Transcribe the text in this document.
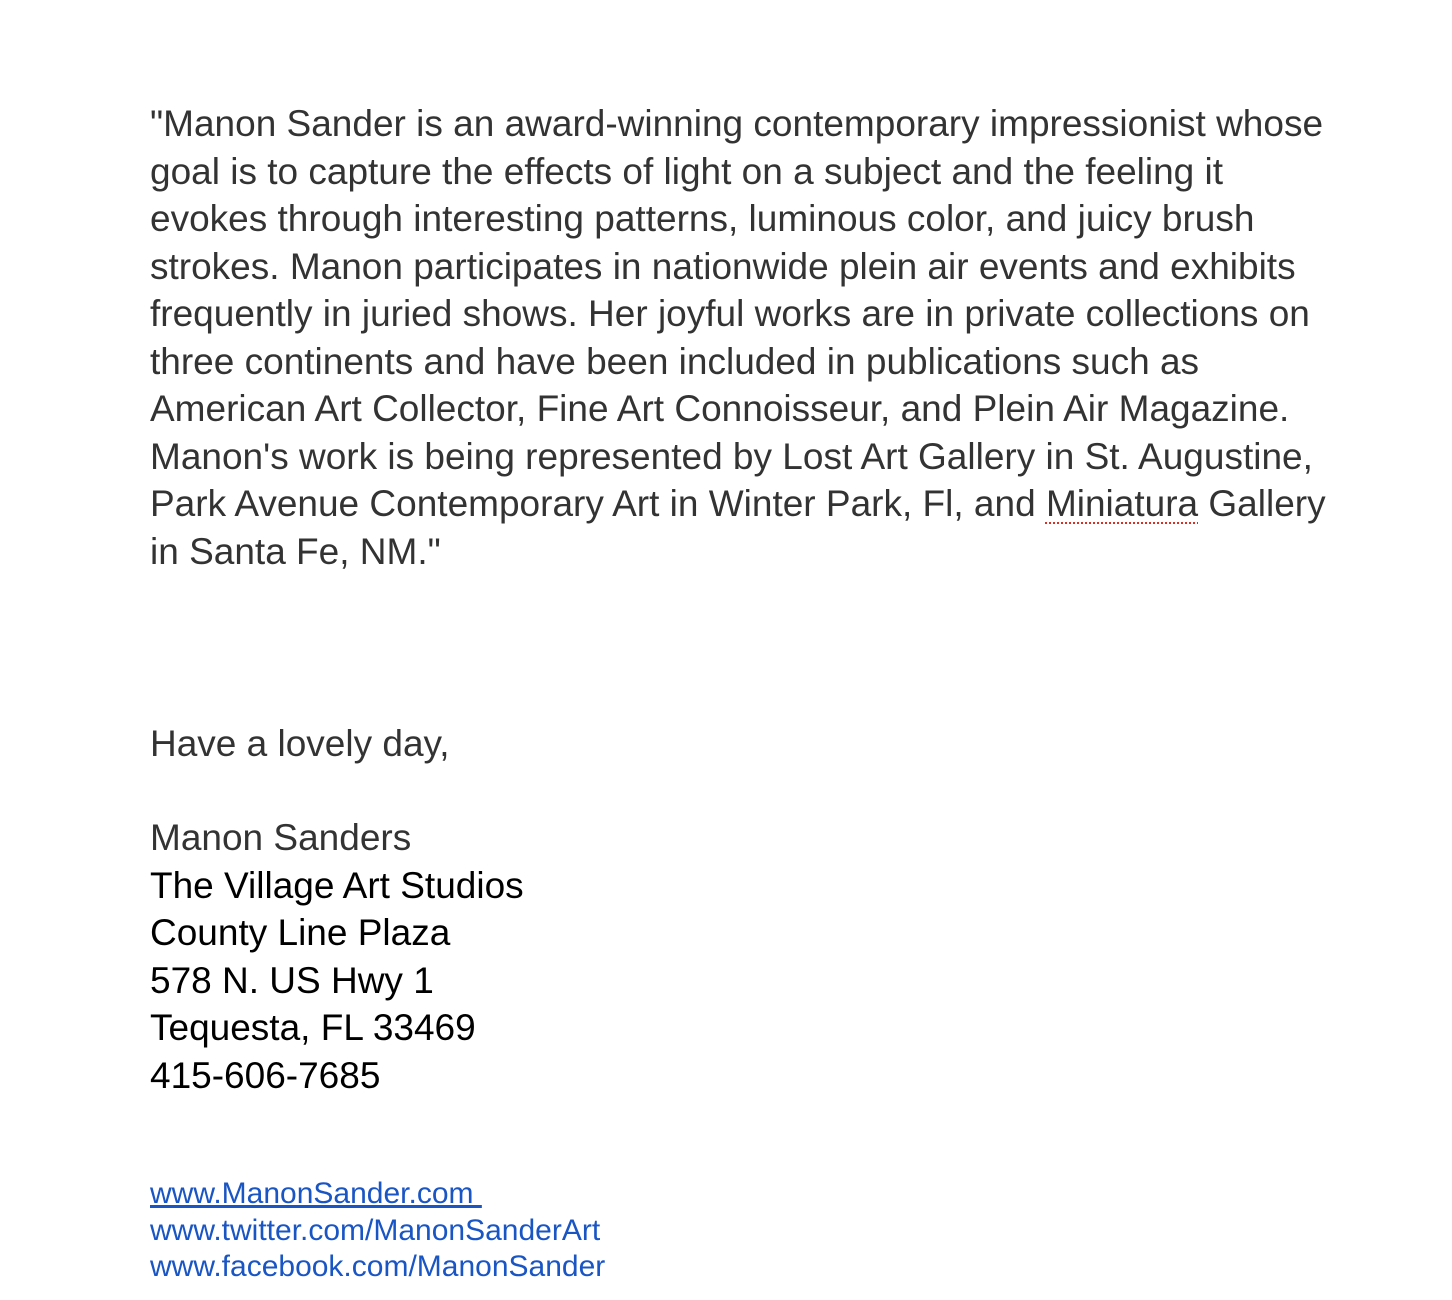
"Manon Sander is an award-winning contemporary impressionist whose goal is to capture the effects of light on a subject and the feeling it evokes through interesting patterns, luminous color, and juicy brush strokes. Manon participates in nationwide plein air events and exhibits frequently in juried shows. Her joyful works are in private collections on three continents and have been included in publications such as American Art Collector, Fine Art Connoisseur, and Plein Air Magazine. Manon's work is being represented by Lost Art Gallery in St. Augustine, Park Avenue Contemporary Art in Winter Park, Fl, and Miniatura Gallery in Santa Fe, NM."

Have a lovely day,

Manon Sanders
The Village Art Studios
County Line Plaza
578 N. US Hwy 1
Tequesta, FL 33469
415-606-7685
www.ManonSander.com
www.twitter.com/ManonSanderArt
www.facebook.com/ManonSander
